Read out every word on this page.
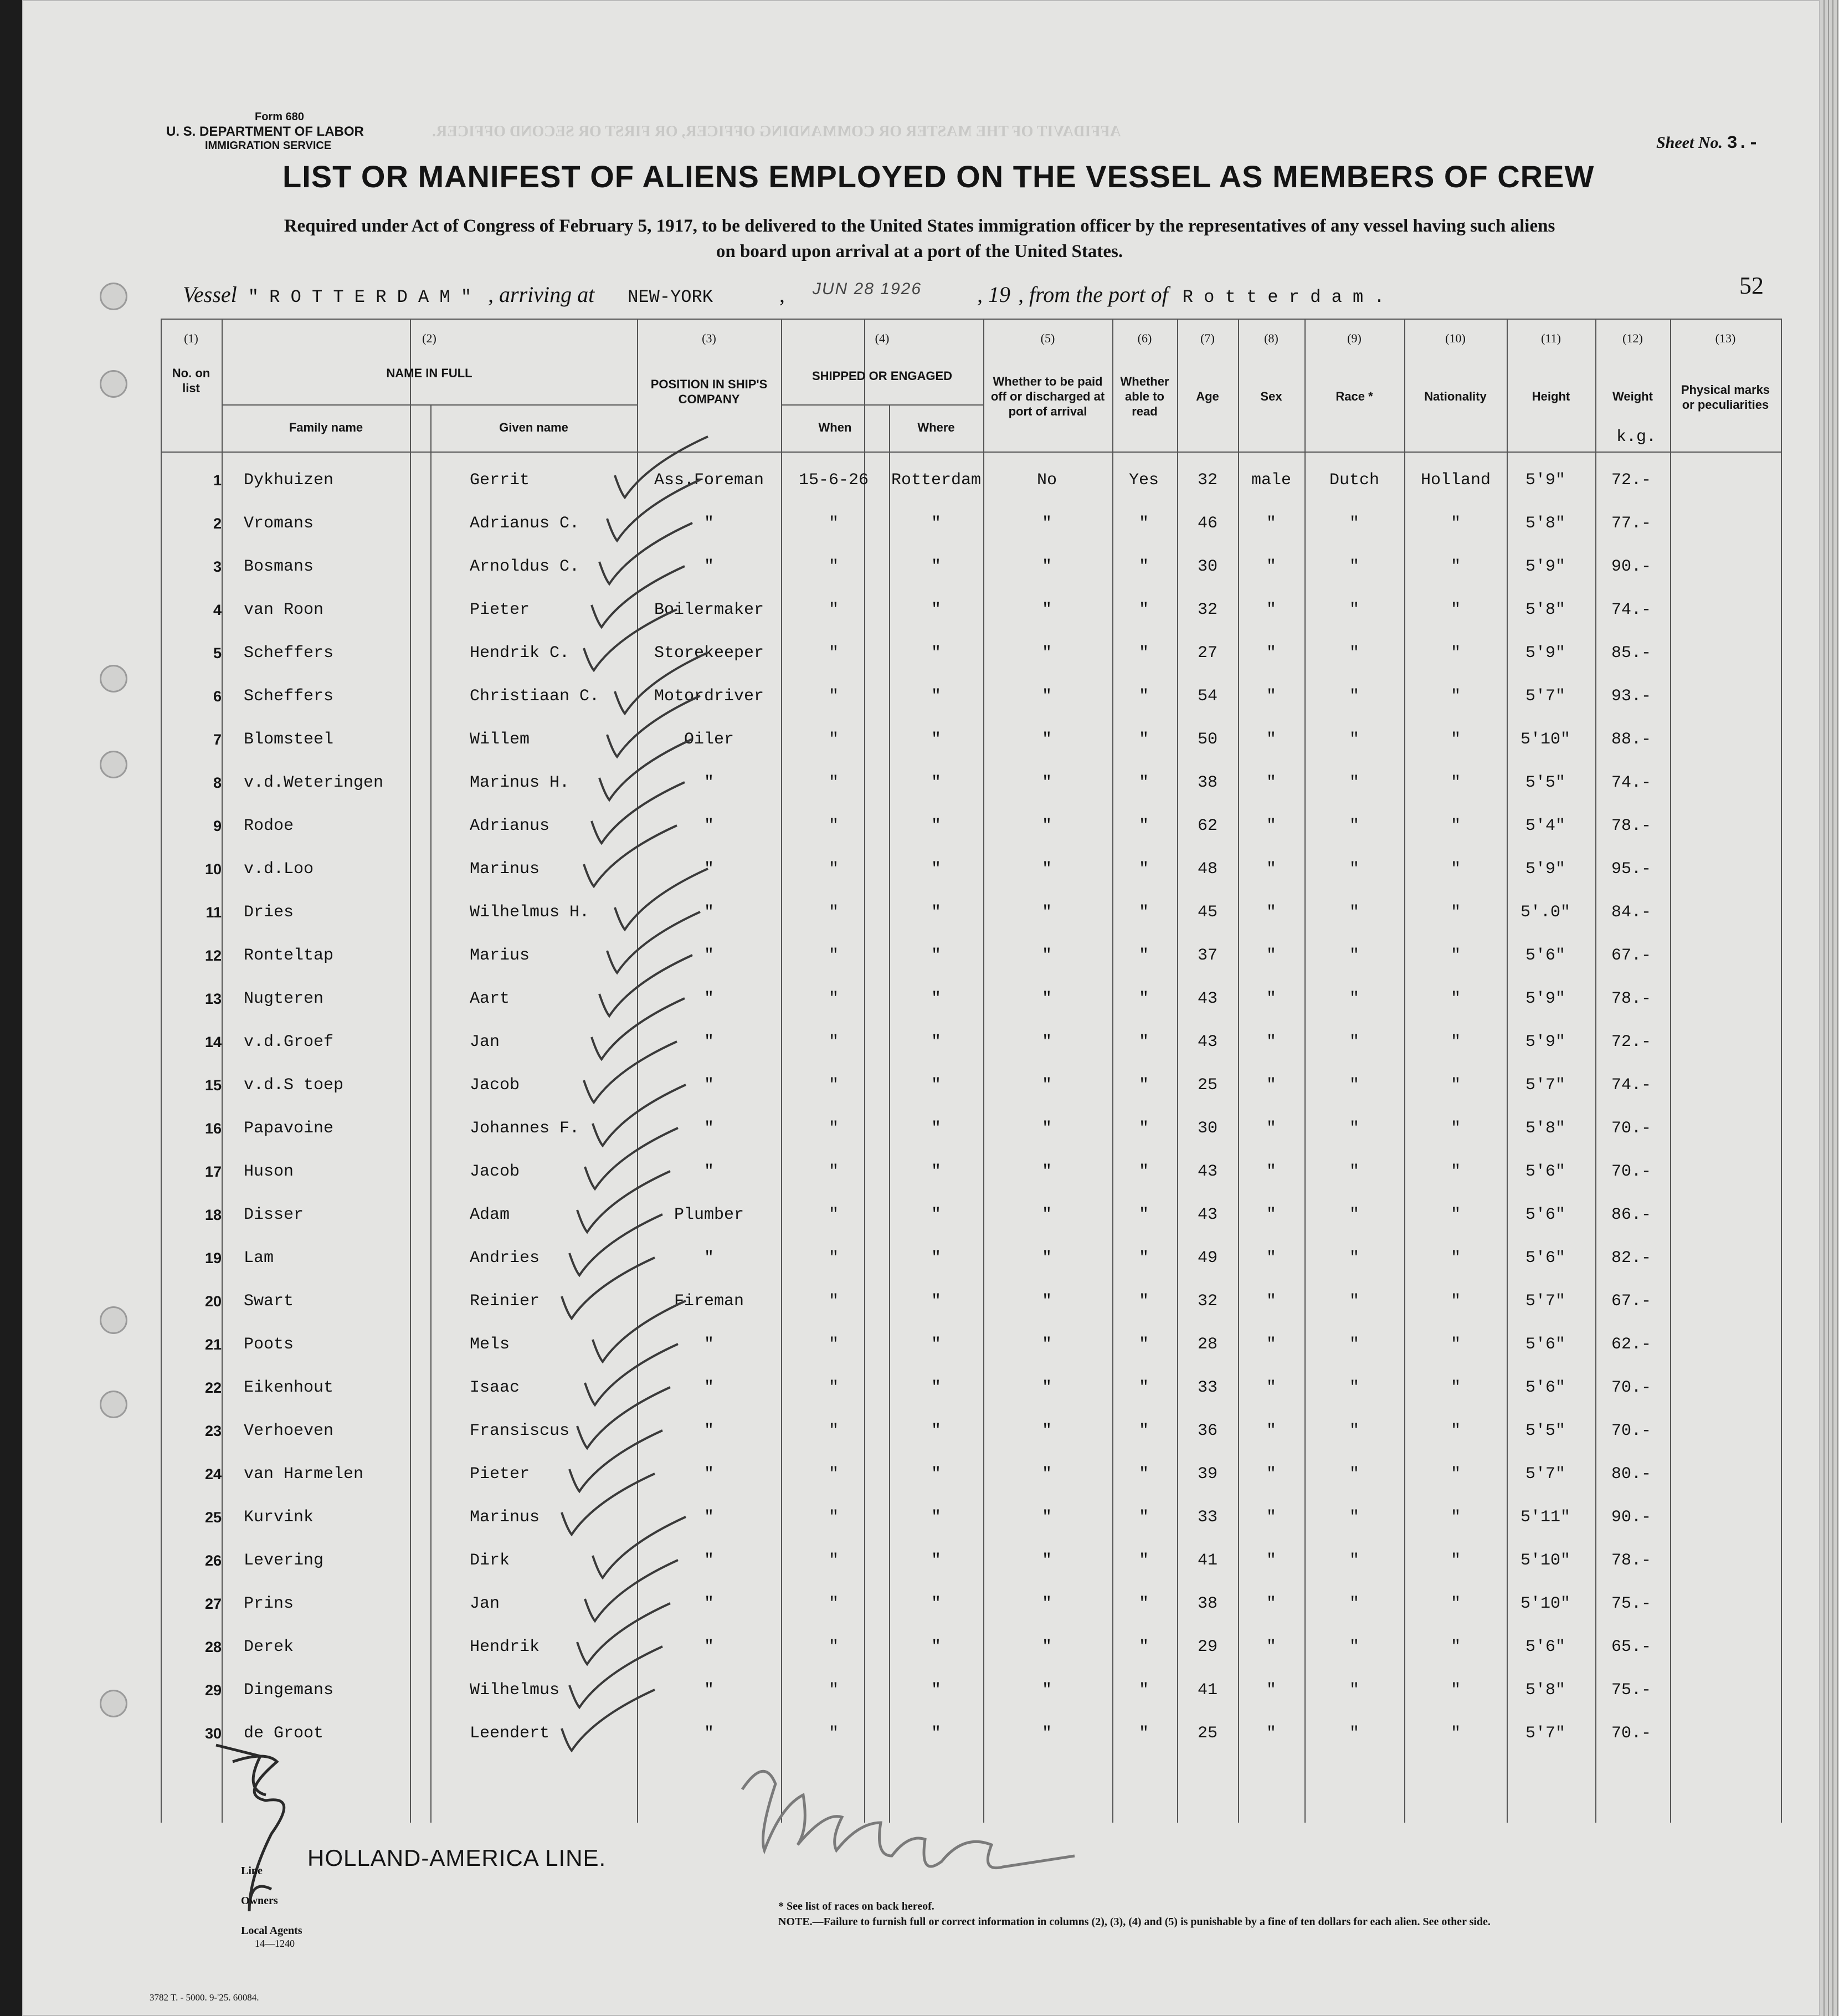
AFFIDAVIT OF THE MASTER OR COMMANDING OFFICER, OR FIRST OR SECOND OFFICER.
Form 680
U. S. DEPARTMENT OF LABOR
IMMIGRATION SERVICE	Sheet No. 3.-
LIST OR MANIFEST OF ALIENS EMPLOYED ON THE VESSEL AS MEMBERS OF CREW
Required under Act of Congress of February 5, 1917, to be delivered to the United States immigration officer by the representatives of any vessel having such aliens
on board upon arrival at a port of the United States.
Vessel " R O T T E R D A M " , arriving at NEW-YORK	, $^{JUN 28 1926}$	, 19 , from the port of R o t t e r d a m .	52
(1)
No. on list
(2)
NAME IN FULL
(3)
POSITION IN SHIP'S COMPANY
(4)
SHIPPED OR ENGAGED
(5)
Whether to be paid off or discharged at port of arrival
(6)
Whether able to read
(7)
Age
(8)
Sex
(9)
Race *
(10)
Nationality
(11)
Height
(12)
Weight
(13)
Physical marks or peculiarities
Family name	Given name	When	Where
k.g.
1 Dykhuizen	Gerrit	Ass.Foreman	15-6-26	Rotterdam	No	Yes	32	male	Dutch	Holland	5'9"	72.-
2 Vromans	Adrianus C.	"	"	"	"	"	46	"	"	"	5'8"	77.-
3 Bosmans	Arnoldus C.	"	"	"	"	"	30	"	"	"	5'9"	90.-
4 van Roon	Pieter	Boilermaker	"	"	"	"	32	"	"	"	5'8"	74.-
5 Scheffers	Hendrik C.	Storekeeper	"	"	"	"	27	"	"	"	5'9"	85.-
6 Scheffers	Christiaan C.	Motordriver	"	"	"	"	54	"	"	"	5'7"	93.-
7 Blomsteel	Willem	Oiler	"	"	"	"	50	"	"	"	5'10"	88.-
8 v.d.Weteringen	Marinus H.	"	"	"	"	"	38	"	"	"	5'5"	74.-
9 Rodoe	Adrianus	"	"	"	"	"	62	"	"	"	5'4"	78.-
10 v.d.Loo	Marinus	"	"	"	"	"	48	"	"	"	5'9"	95.-
11 Dries	Wilhelmus H.	"	"	"	"	"	45	"	"	"	5'.0"	84.-
12 Ronteltap	Marius	"	"	"	"	"	37	"	"	"	5'6"	67.-
13 Nugteren	Aart	"	"	"	"	"	43	"	"	"	5'9"	78.-
14 v.d.Groef	Jan	"	"	"	"	"	43	"	"	"	5'9"	72.-
15 v.d.S toep	Jacob	"	"	"	"	"	25	"	"	"	5'7"	74.-
16 Papavoine	Johannes F.	"	"	"	"	"	30	"	"	"	5'8"	70.-
17 Huson	Jacob	"	"	"	"	"	43	"	"	"	5'6"	70.-
18 Disser	Adam	Plumber	"	"	"	"	43	"	"	"	5'6"	86.-
19 Lam	Andries	"	"	"	"	"	49	"	"	"	5'6"	82.-
20 Swart	Reinier	Fireman	"	"	"	"	32	"	"	"	5'7"	67.-
21 Poots	Mels	"	"	"	"	"	28	"	"	"	5'6"	62.-
22 Eikenhout	Isaac	"	"	"	"	"	33	"	"	"	5'6"	70.-
23 Verhoeven	Fransiscus	"	"	"	"	"	36	"	"	"	5'5"	70.-
24 van Harmelen	Pieter	"	"	"	"	"	39	"	"	"	5'7"	80.-
25 Kurvink	Marinus	"	"	"	"	"	33	"	"	"	5'11"	90.-
26 Levering	Dirk	"	"	"	"	"	41	"	"	"	5'10"	78.-
27 Prins	Jan	"	"	"	"	"	38	"	"	"	5'10"	75.-
28 Derek	Hendrik	"	"	"	"	"	29	"	"	"	5'6"	65.-
29 Dingemans	Wilhelmus	"	"	"	"	"	41	"	"	"	5'8"	75.-
30 de Groot	Leendert	"	"	"	"	"	25	"	"	"	5'7"	70.-
Line HOLLAND-AMERICA LINE.
Owners
Local Agents
14—1240
* See list of races on back hereof.
NOTE.—Failure to furnish full or correct information in columns (2), (3), (4) and (5) is punishable by a fine of ten dollars for each alien. See other side.
3782 T. - 5000. 9-'25. 60084.
